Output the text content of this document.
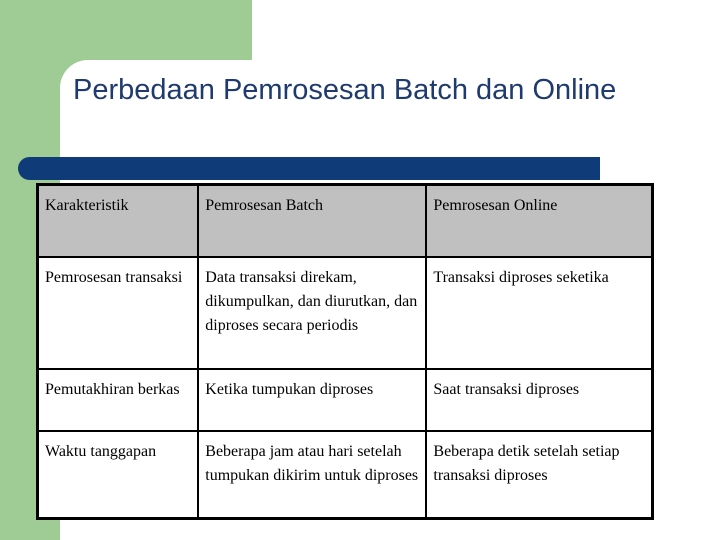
Perbedaan Pemrosesan Batch dan Online
Karakteristik	Pemrosesan Batch	Pemrosesan Online
Pemrosesan transaksi	Data transaksi direkam, dikumpulkan, dan diurutkan, dan diproses secara periodis	Transaksi diproses seketika
Pemutakhiran berkas	Ketika tumpukan diproses	Saat transaksi diproses
Waktu tanggapan	Beberapa jam atau hari setelah tumpukan dikirim untuk diproses	Beberapa detik setelah setiap transaksi diproses
